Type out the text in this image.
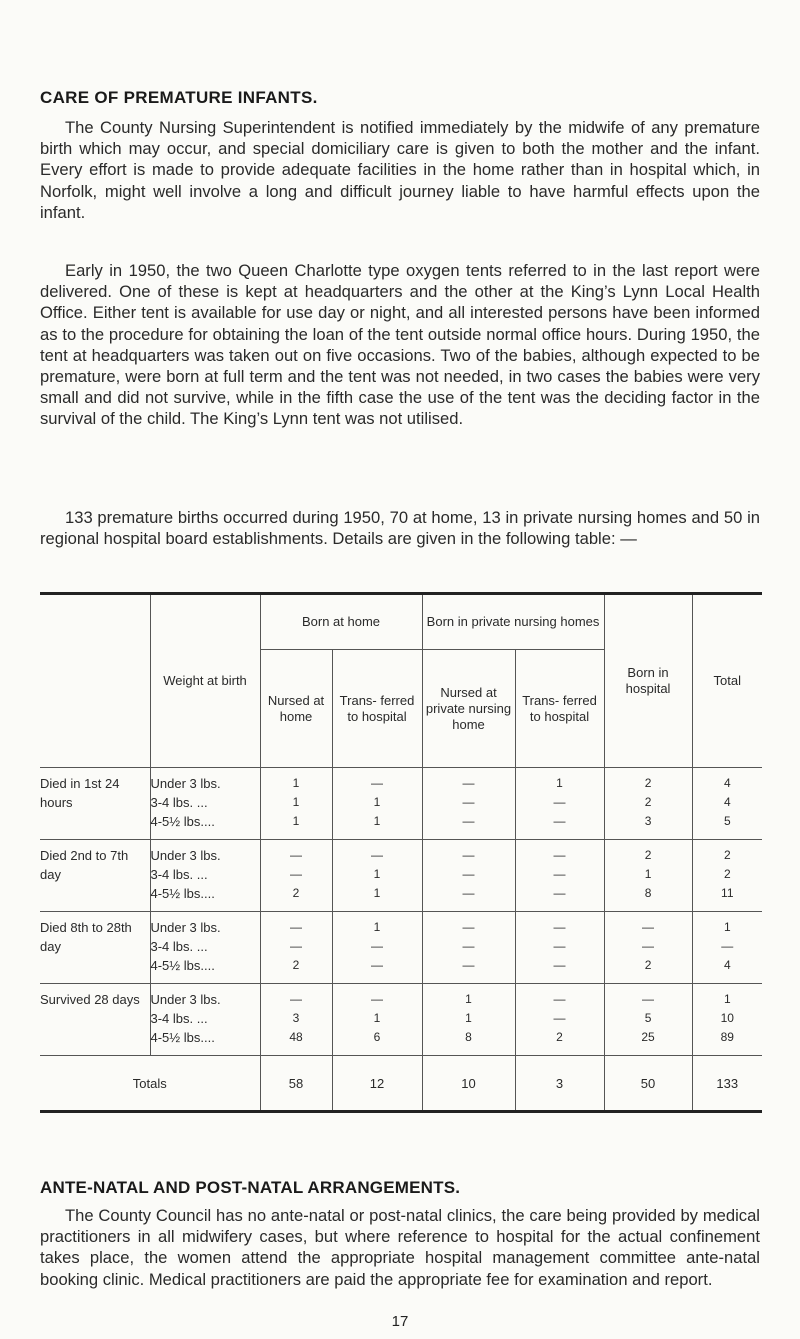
CARE OF PREMATURE INFANTS.
The County Nursing Superintendent is notified immediately by the midwife of any premature birth which may occur, and special domiciliary care is given to both the mother and the infant. Every effort is made to provide adequate facilities in the home rather than in hospital which, in Norfolk, might well involve a long and difficult journey liable to have harmful effects upon the infant.
Early in 1950, the two Queen Charlotte type oxygen tents referred to in the last report were delivered. One of these is kept at headquarters and the other at the King’s Lynn Local Health Office. Either tent is available for use day or night, and all interested persons have been informed as to the procedure for obtaining the loan of the tent outside normal office hours. During 1950, the tent at headquarters was taken out on five occasions. Two of the babies, although expected to be premature, were born at full term and the tent was not needed, in two cases the babies were very small and did not survive, while in the fifth case the use of the tent was the deciding factor in the survival of the child. The King’s Lynn tent was not utilised.
133 premature births occurred during 1950, 70 at home, 13 in private nursing homes and 50 in regional hospital board establishments. Details are given in the following table: —
	Weight at birth	Born at home		Born in private nursing homes		Born in hospital	Total
		Nursed at home	Trans- ferred to hospital	Nursed at private nursing home	Trans- ferred to hospital		
Died in 1st 24 hours	Under 3 lbs.	1	—	—	1	2	4
	3-4 lbs. ...	1	1	—	—	2	4
	4-5½ lbs....	1	1	—	—	3	5
Died 2nd to 7th day	Under 3 lbs.	—	—	—	—	2	2
	3-4 lbs. ...	—	1	—	—	1	2
	4-5½ lbs....	2	1	—	—	8	11
Died 8th to 28th day	Under 3 lbs.	—	1	—	—	—	1
	3-4 lbs. ...	—	—	—	—	—	—
	4-5½ lbs....	2	—	—	—	2	4
Survived 28 days	Under 3 lbs.	—	—	1	—	—	1
	3-4 lbs. ...	3	1	1	—	5	10
	4-5½ lbs....	48	6	8	2	25	89
Totals		58	12	10	3	50	133
ANTE-NATAL AND POST-NATAL ARRANGEMENTS.
The County Council has no ante-natal or post-natal clinics, the care being provided by medical practitioners in all midwifery cases, but where reference to hospital for the actual confinement takes place, the women attend the appropriate hospital management committee ante-natal booking clinic. Medical practitioners are paid the appropriate fee for examination and report.
17
